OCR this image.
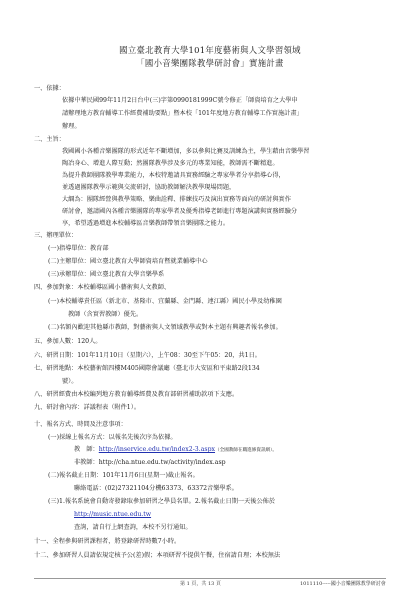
國立臺北教育大學101年度藝術與人文學習領域
「國小音樂團隊教學研討會」實施計畫
一、依據：
依據中華民國99年11月2日台中(三)字第0990181999C號令修正「師資培育之大學申
請辦理地方教育輔導工作經費補助要點」暨本校「101年度地方教育輔導工作實施計畫」
辦理。
二、主旨：
我國國小各種音樂團隊的形式近年不斷增加，多以參與比賽及訓練為主，學生藉由音樂學習
陶冶身心、增進人際互動；然團隊教學涉及多元的專業知能，教師需不斷精進。
為提升教師團隊教學專業能力，本校特邀請具實務經驗之專家學者分享指導心得，
並透過團隊教學示範與交流研討，協助教師解決教學現場問題，
大綱為：團隊經營與教學策略、樂曲詮釋、排練技巧及演出實務等面向的研討與實作
研討會，邀請國內各種音樂團隊的專家學者及優秀指導老師進行專題演講與實務經驗分
享，希望透過增進本校輔導區音樂教師帶領音樂團隊之能力。
三、辦理單位：
(一)指導單位：教育部
(二)主辦單位：國立臺北教育大學師資培育暨就業輔導中心
(三)承辦單位：國立臺北教育大學音樂學系
四、參加對象：本校輔導區國小藝術與人文教師、
(一)本校輔導責任區（新北市、基隆市、宜蘭縣、金門縣、連江縣）國民小學及幼稚園
教師（含實習教師）優先。
(二)名額內歡迎其他縣市教師，對藝術與人文領域教學或對本主題有興趣者報名參加。
五、參加人數：120人。
六、研習日期：101年11月10日（星期六），上午08：30至下午05：20，共1日。
七、研習地點：本校藝術館四樓M405國際會議廳（臺北市大安區和平東路2段134
號）。
八、研習經費由本校編列地方教育輔導經費及教育部研習補助款項下支應。
九、研討會內容：詳議程表（附件1）。
十、報名方式、時間及注意事項：
(一)採線上報名方式：以報名先後次序為依據。
非教師：http://cha.ntue.edu.tw/activity/index.asp
(二)報名截止日期：101年11月6日(星期一)截止報名。
聯絡電話：(02)27321104分機63373、63372音樂學系。
(三)1.報名系統會自動寄發錄取參加研習之學員名單。2.報名截止日期一天後公佈於
查詢，請自行上網查詢，本校不另行通知。
十一、全程參與研習課程者，將登錄研習時數7小時。
十二、參加研習人員請依規定核予公(差)假；本項研習不提供午餐，住宿請自理；本校無法
教　師：http://inservice.edu.tw/index2-3.aspx（全國教師在職進修資訊網）。
http://music.ntue.edu.tw
第 1 頁，共 13 頁	1011110-----國小音樂團隊教學研討會
